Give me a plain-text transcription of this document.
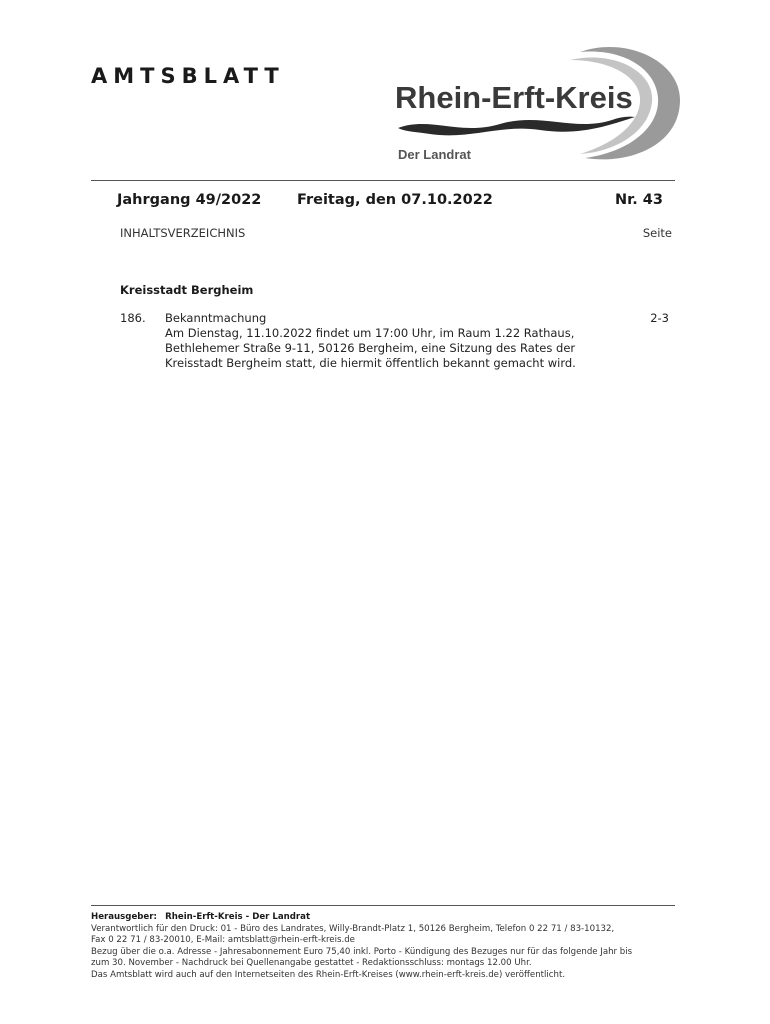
AMTSBLATT
Rhein-Erft-Kreis
Der Landrat
Jahrgang 49/2022 Freitag, den 07.10.2022	Nr. 43
INHALTSVERZEICHNIS	Seite
Kreisstadt Bergheim
186. Bekanntmachung
Am Dienstag, 11.10.2022 findet um 17:00 Uhr, im Raum 1.22 Rathaus,
Bethlehemer Straße 9-11, 50126 Bergheim, eine Sitzung des Rates der
Kreisstadt Bergheim statt, die hiermit öffentlich bekannt gemacht wird.
2-3
Herausgeber: Rhein-Erft-Kreis - Der Landrat
Verantwortlich für den Druck: 01 - Büro des Landrates, Willy-Brandt-Platz 1, 50126 Bergheim, Telefon 0 22 71 / 83-10132,
Fax 0 22 71 / 83-20010, E-Mail: amtsblatt@rhein-erft-kreis.de
Bezug über die o.a. Adresse - Jahresabonnement Euro 75,40 inkl. Porto - Kündigung des Bezuges nur für das folgende Jahr bis
zum 30. November - Nachdruck bei Quellenangabe gestattet - Redaktionsschluss: montags 12.00 Uhr.
Das Amtsblatt wird auch auf den Internetseiten des Rhein-Erft-Kreises (www.rhein-erft-kreis.de) veröffentlicht.
